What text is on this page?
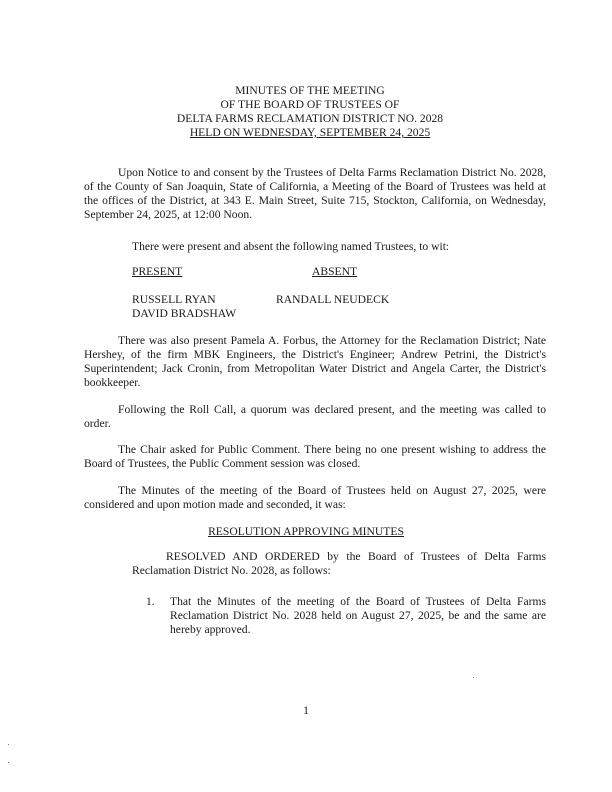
MINUTES OF THE MEETING
OF THE BOARD OF TRUSTEES OF
DELTA FARMS RECLAMATION DISTRICT NO. 2028
HELD ON WEDNESDAY, SEPTEMBER 24, 2025
Upon Notice to and consent by the Trustees of Delta Farms Reclamation District No. 2028, of the County of San Joaquin, State of California, a Meeting of the Board of Trustees was held at the offices of the District, at 343 E. Main Street, Suite 715, Stockton, California, on Wednesday, September 24, 2025, at 12:00 Noon.
There were present and absent the following named Trustees, to wit:
PRESENT	ABSENT
RUSSELL RYAN
DAVID BRADSHAW
RANDALL NEUDECK
There was also present Pamela A. Forbus, the Attorney for the Reclamation District; Nate Hershey, of the firm MBK Engineers, the District's Engineer; Andrew Petrini, the District's Superintendent; Jack Cronin, from Metropolitan Water District and Angela Carter, the District's bookkeeper.
Following the Roll Call, a quorum was declared present, and the meeting was called to order.
The Chair asked for Public Comment. There being no one present wishing to address the Board of Trustees, the Public Comment session was closed.
The Minutes of the meeting of the Board of Trustees held on August 27, 2025, were considered and upon motion made and seconded, it was:
RESOLUTION APPROVING MINUTES
RESOLVED AND ORDERED by the Board of Trustees of Delta Farms Reclamation District No. 2028, as follows:
1. That the Minutes of the meeting of the Board of Trustees of Delta Farms Reclamation District No. 2028 held on August 27, 2025, be and the same are hereby approved.
1
